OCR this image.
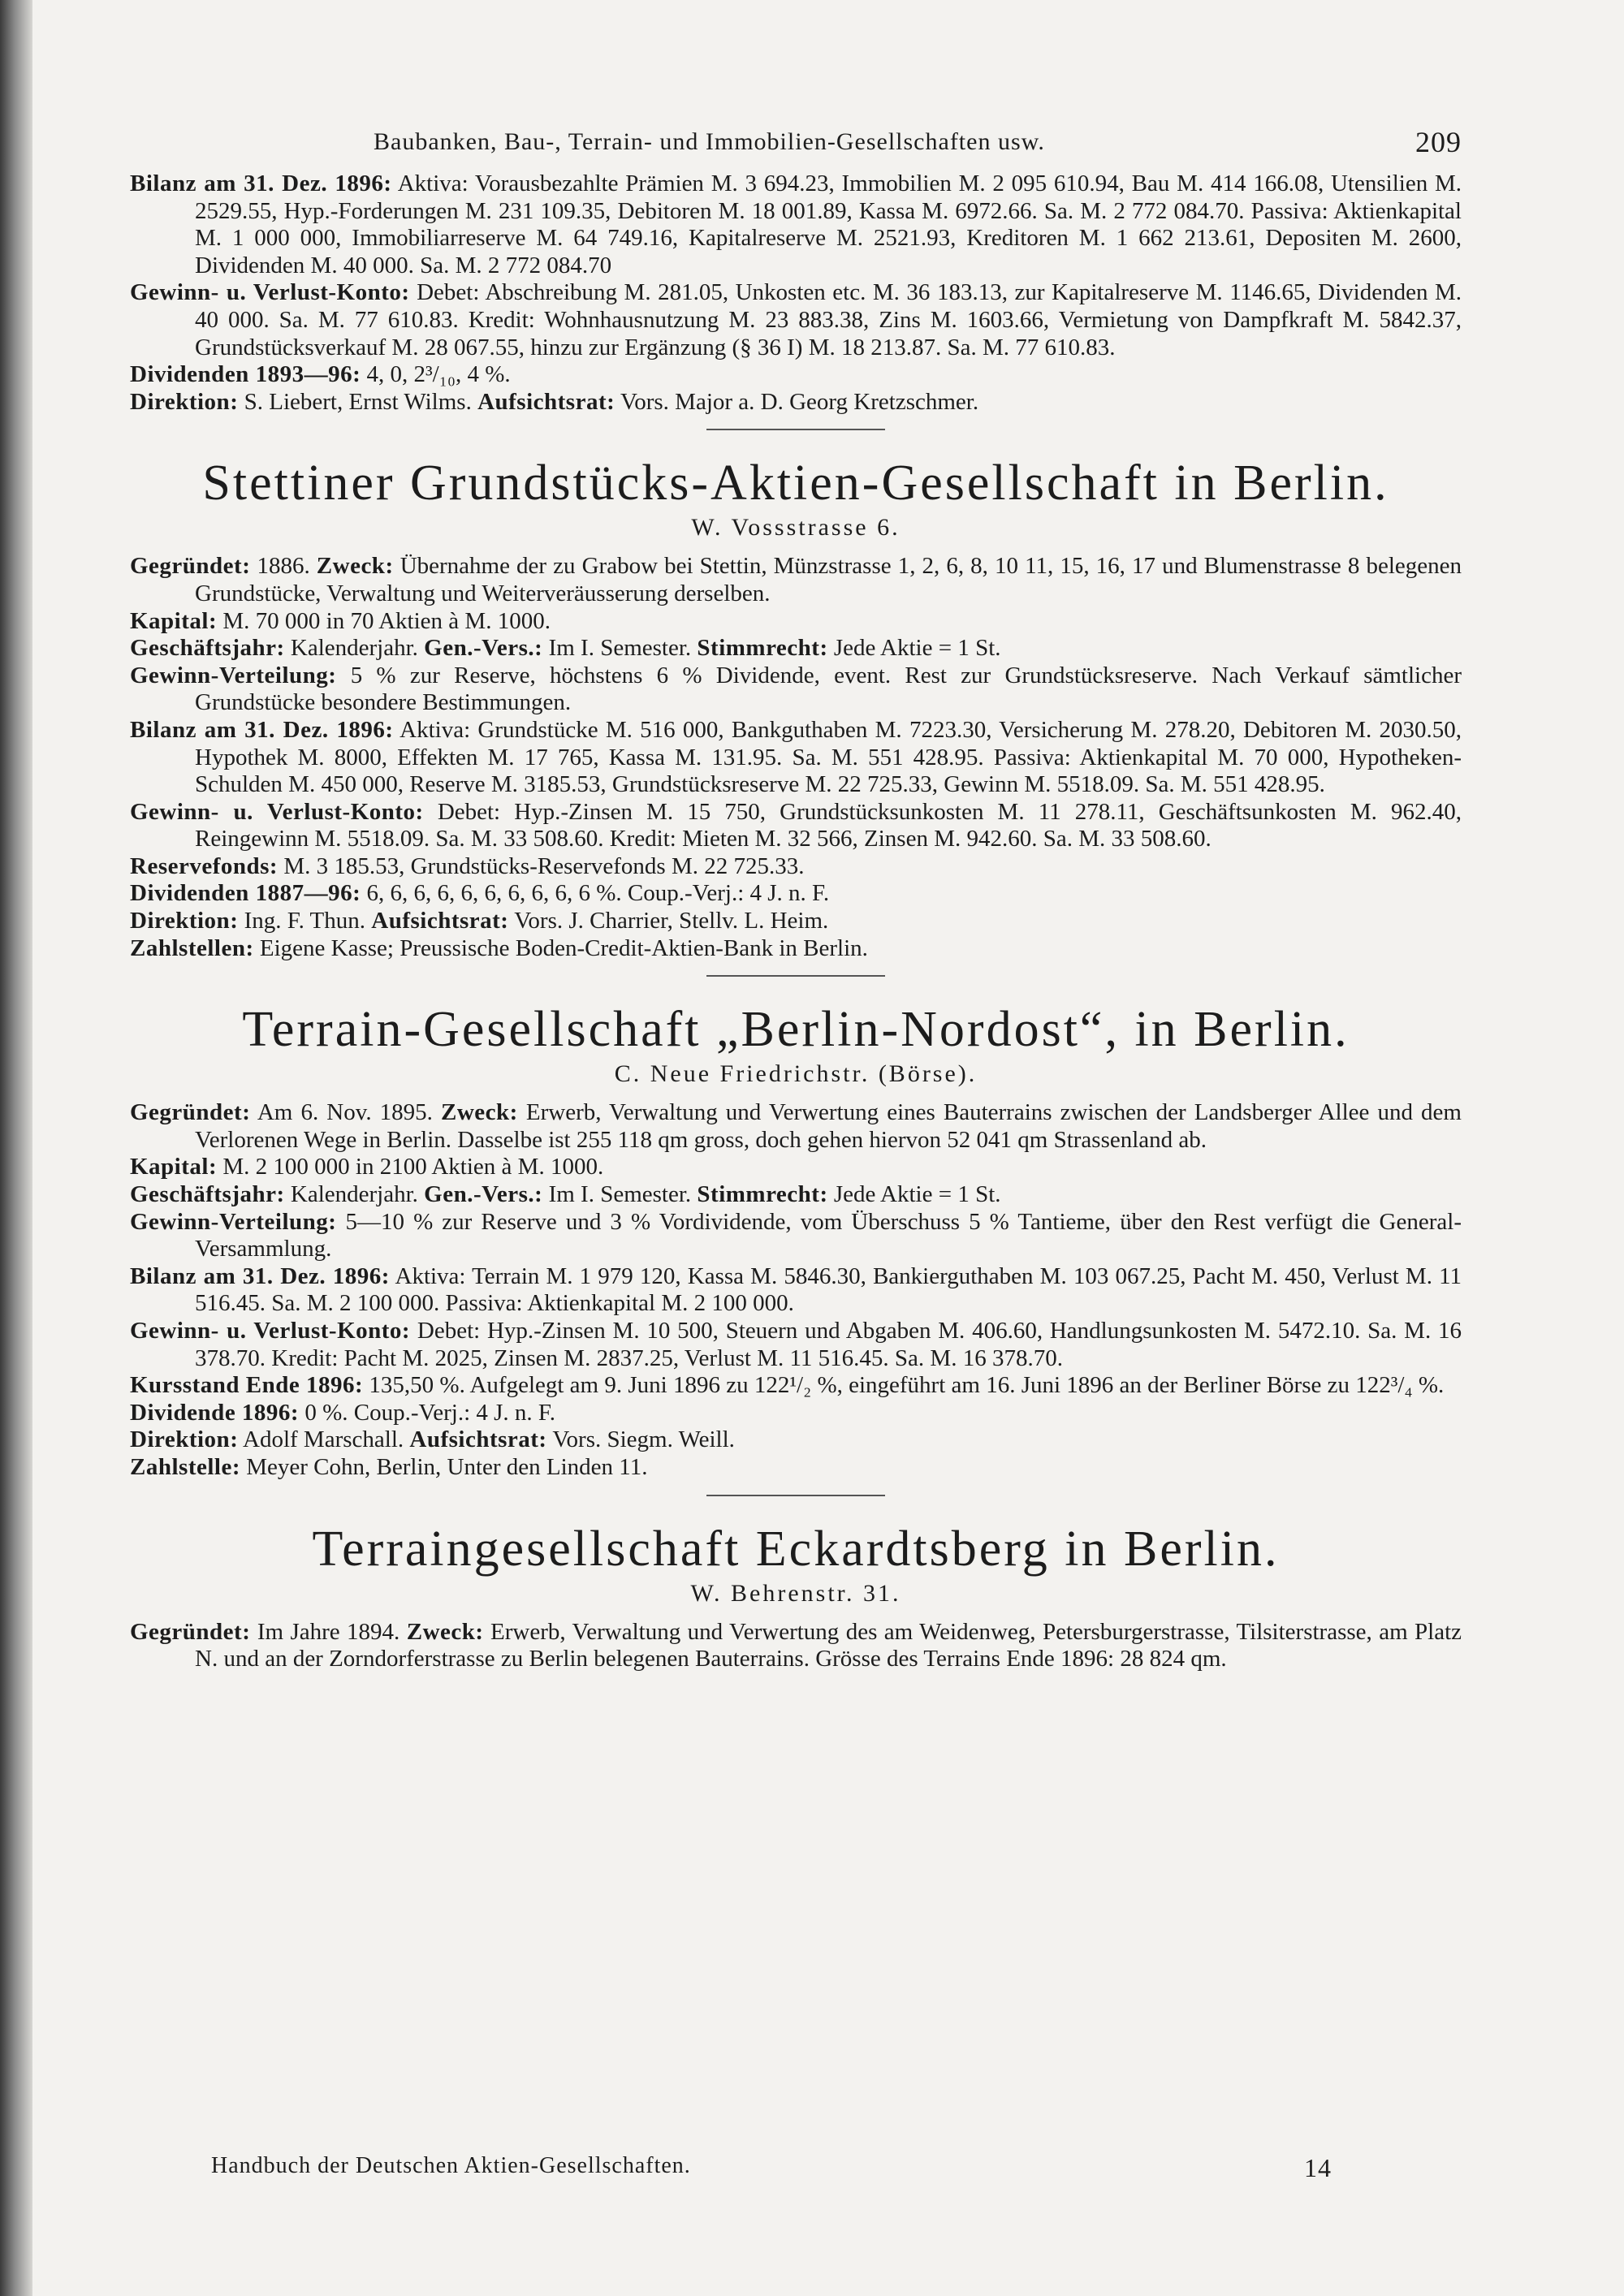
Baubanken, Bau-, Terrain- und Immobilien-Gesellschaften usw.	209

Bilanz am 31. Dez. 1896: Aktiva: Vorausbezahlte Prämien M. 3 694.23, Immobilien M. 2 095 610.94, Bau M. 414 166.08, Utensilien M. 2529.55, Hyp.-Forderungen M. 231 109.35, Debitoren M. 18 001.89, Kassa M. 6972.66. Sa. M. 2 772 084.70. Passiva: Aktienkapital M. 1 000 000, Immobiliarreserve M. 64 749.16, Kapitalreserve M. 2521.93, Kreditoren M. 1 662 213.61, Depositen M. 2600, Dividenden M. 40 000. Sa. M. 2 772 084.70

Gewinn- u. Verlust-Konto: Debet: Abschreibung M. 281.05, Unkosten etc. M. 36 183.13, zur Kapitalreserve M. 1146.65, Dividenden M. 40 000. Sa. M. 77 610.83. Kredit: Wohnhausnutzung M. 23 883.38, Zins M. 1603.66, Vermietung von Dampfkraft M. 5842.37, Grundstücksverkauf M. 28 067.55, hinzu zur Ergänzung (§ 36 I) M. 18 213.87. Sa. M. 77 610.83.

Dividenden 1893—96: 4, 0, 2³/₁₀, 4 %.

Direktion: S. Liebert, Ernst Wilms. Aufsichtsrat: Vors. Major a. D. Georg Kretzschmer.

Stettiner Grundstücks-Aktien-Gesellschaft in Berlin.
W. Vossstrasse 6.

Gegründet: 1886. Zweck: Übernahme der zu Grabow bei Stettin, Münzstrasse 1, 2, 6, 8, 10 11, 15, 16, 17 und Blumenstrasse 8 belegenen Grundstücke, Verwaltung und Weiterveräusserung derselben.

Kapital: M. 70 000 in 70 Aktien à M. 1000.

Geschäftsjahr: Kalenderjahr. Gen.-Vers.: Im I. Semester. Stimmrecht: Jede Aktie = 1 St.

Gewinn-Verteilung: 5 % zur Reserve, höchstens 6 % Dividende, event. Rest zur Grundstücksreserve. Nach Verkauf sämtlicher Grundstücke besondere Bestimmungen.

Bilanz am 31. Dez. 1896: Aktiva: Grundstücke M. 516 000, Bankguthaben M. 7223.30, Versicherung M. 278.20, Debitoren M. 2030.50, Hypothek M. 8000, Effekten M. 17 765, Kassa M. 131.95. Sa. M. 551 428.95. Passiva: Aktienkapital M. 70 000, Hypotheken-Schulden M. 450 000, Reserve M. 3185.53, Grundstücksreserve M. 22 725.33, Gewinn M. 5518.09. Sa. M. 551 428.95.

Gewinn- u. Verlust-Konto: Debet: Hyp.-Zinsen M. 15 750, Grundstücksunkosten M. 11 278.11, Geschäftsunkosten M. 962.40, Reingewinn M. 5518.09. Sa. M. 33 508.60. Kredit: Mieten M. 32 566, Zinsen M. 942.60. Sa. M. 33 508.60.

Reservefonds: M. 3 185.53, Grundstücks-Reservefonds M. 22 725.33.

Dividenden 1887—96: 6, 6, 6, 6, 6, 6, 6, 6, 6, 6 %. Coup.-Verj.: 4 J. n. F.

Direktion: Ing. F. Thun. Aufsichtsrat: Vors. J. Charrier, Stellv. L. Heim.

Zahlstellen: Eigene Kasse; Preussische Boden-Credit-Aktien-Bank in Berlin.

Terrain-Gesellschaft „Berlin-Nordost“, in Berlin.
C. Neue Friedrichstr. (Börse).

Gegründet: Am 6. Nov. 1895. Zweck: Erwerb, Verwaltung und Verwertung eines Bauterrains zwischen der Landsberger Allee und dem Verlorenen Wege in Berlin. Dasselbe ist 255 118 qm gross, doch gehen hiervon 52 041 qm Strassenland ab.

Kapital: M. 2 100 000 in 2100 Aktien à M. 1000.

Geschäftsjahr: Kalenderjahr. Gen.-Vers.: Im I. Semester. Stimmrecht: Jede Aktie = 1 St.

Gewinn-Verteilung: 5—10 % zur Reserve und 3 % Vordividende, vom Überschuss 5 % Tantieme, über den Rest verfügt die General-Versammlung.

Bilanz am 31. Dez. 1896: Aktiva: Terrain M. 1 979 120, Kassa M. 5846.30, Bankierguthaben M. 103 067.25, Pacht M. 450, Verlust M. 11 516.45. Sa. M. 2 100 000. Passiva: Aktienkapital M. 2 100 000.

Gewinn- u. Verlust-Konto: Debet: Hyp.-Zinsen M. 10 500, Steuern und Abgaben M. 406.60, Handlungsunkosten M. 5472.10. Sa. M. 16 378.70. Kredit: Pacht M. 2025, Zinsen M. 2837.25, Verlust M. 11 516.45. Sa. M. 16 378.70.

Kursstand Ende 1896: 135,50 %. Aufgelegt am 9. Juni 1896 zu 122¹/₂ %, eingeführt am 16. Juni 1896 an der Berliner Börse zu 122³/₄ %.

Dividende 1896: 0 %. Coup.-Verj.: 4 J. n. F.

Direktion: Adolf Marschall. Aufsichtsrat: Vors. Siegm. Weill.

Zahlstelle: Meyer Cohn, Berlin, Unter den Linden 11.

Terraingesellschaft Eckardtsberg in Berlin.
W. Behrenstr. 31.

Gegründet: Im Jahre 1894. Zweck: Erwerb, Verwaltung und Verwertung des am Weidenweg, Petersburgerstrasse, Tilsiterstrasse, am Platz N. und an der Zorndorferstrasse zu Berlin belegenen Bauterrains. Grösse des Terrains Ende 1896: 28 824 qm.

Handbuch der Deutschen Aktien-Gesellschaften.	14
